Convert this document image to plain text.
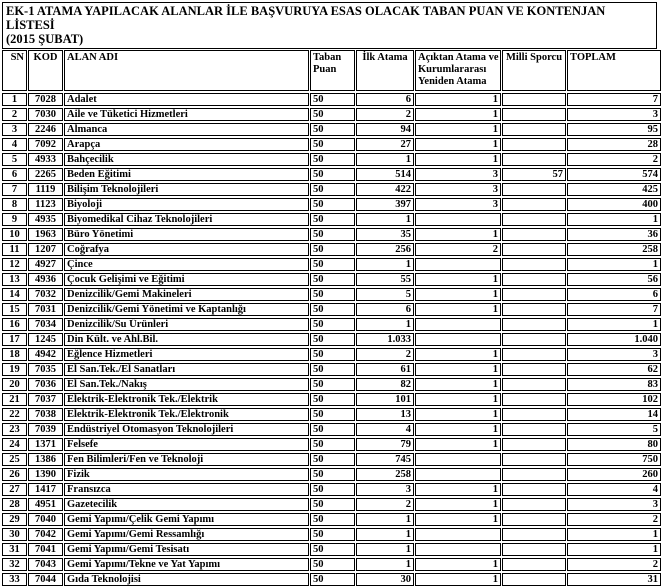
EK-1 ATAMA YAPILACAK ALANLAR İLE BAŞVURUYA ESAS OLACAK TABAN PUAN VE KONTENJAN LİSTESİ
(2015 ŞUBAT)
SN	KOD	ALAN ADI	Taban
Puan	İlk Atama	Açıktan Atama ve
Kurumlararası
Yeniden Atama	Milli Sporcu	TOPLAM
1	7028	Adalet	50	6	1		7
2	7030	Aile ve Tüketici Hizmetleri	50	2	1		3
3	2246	Almanca	50	94	1		95
4	7092	Arapça	50	27	1		28
5	4933	Bahçecilik	50	1	1		2
6	2265	Beden Eğitimi	50	514	3	57	574
7	1119	Bilişim Teknolojileri	50	422	3		425
8	1123	Biyoloji	50	397	3		400
9	4935	Biyomedikal Cihaz Teknolojileri	50	1			1
10	1963	Büro Yönetimi	50	35	1		36
11	1207	Coğrafya	50	256	2		258
12	4927	Çince	50	1			1
13	4936	Çocuk Gelişimi ve Eğitimi	50	55	1		56
14	7032	Denizcilik/Gemi Makineleri	50	5	1		6
15	7031	Denizcilik/Gemi Yönetimi ve Kaptanlığı	50	6	1		7
16	7034	Denizcilik/Su Ürünleri	50	1			1
17	1245	Din Kült. ve Ahl.Bil.	50	1.033			1.040
18	4942	Eğlence Hizmetleri	50	2	1		3
19	7035	El San.Tek./El Sanatları	50	61	1		62
20	7036	El San.Tek./Nakış	50	82	1		83
21	7037	Elektrik-Elektronik Tek./Elektrik	50	101	1		102
22	7038	Elektrik-Elektronik Tek./Elektronik	50	13	1		14
23	7039	Endüstriyel Otomasyon Teknolojileri	50	4	1		5
24	1371	Felsefe	50	79	1		80
25	1386	Fen Bilimleri/Fen ve Teknoloji	50	745			750
26	1390	Fizik	50	258			260
27	1417	Fransızca	50	3	1		4
28	4951	Gazetecilik	50	2	1		3
29	7040	Gemi Yapımı/Çelik Gemi Yapımı	50	1	1		2
30	7042	Gemi Yapımı/Gemi Ressamlığı	50	1			1
31	7041	Gemi Yapımı/Gemi Tesisatı	50	1			1
32	7043	Gemi Yapımı/Tekne ve Yat Yapımı	50	1	1		2
33	7044	Gıda Teknolojisi	50	30	1		31
